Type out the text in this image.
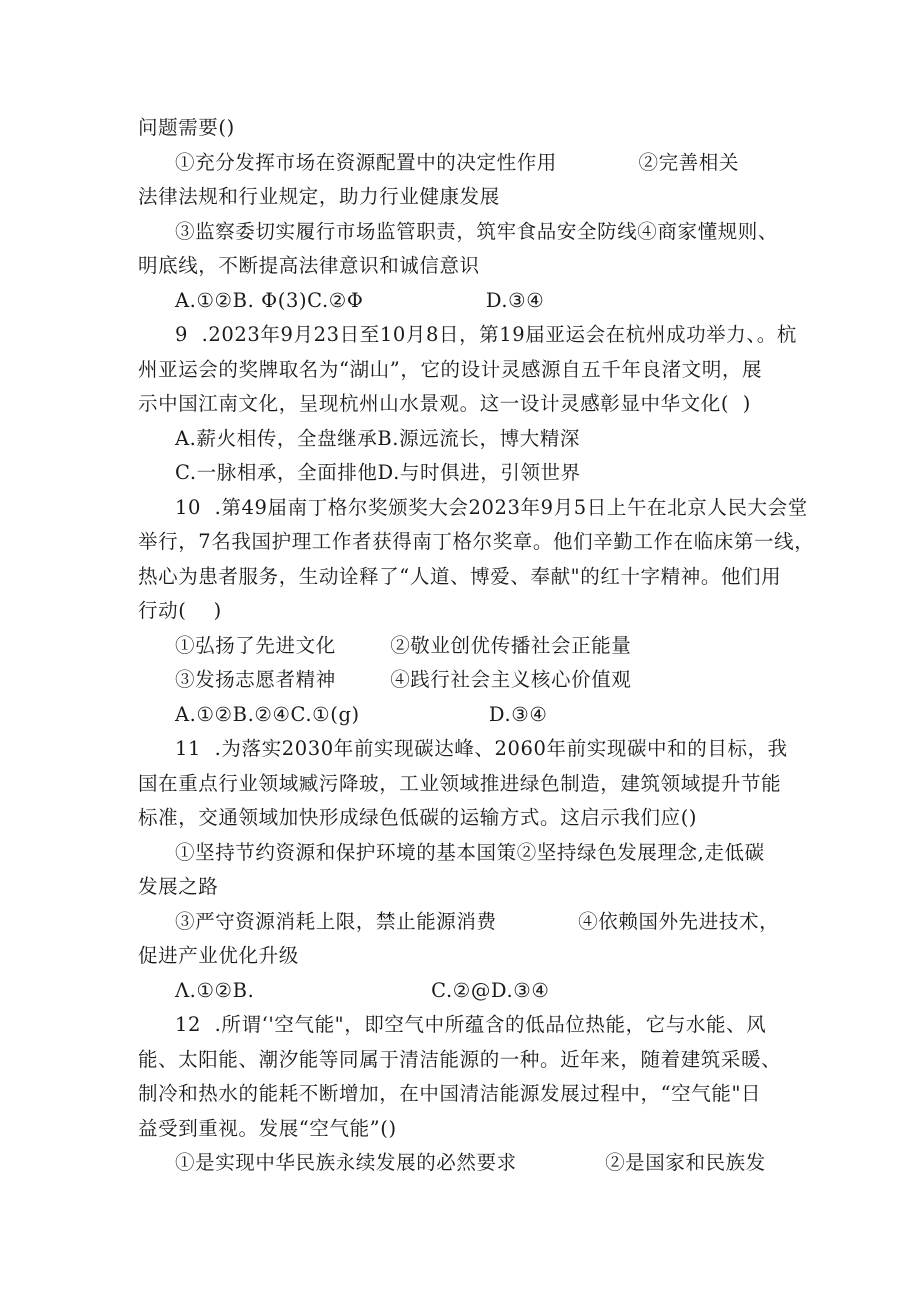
问题需要()
①充分发挥市场在资源配置中的决定性作用            ②完善相关
法律法规和行业规定，助力行业健康发展
③监察委切实履行市场监管职责，筑牢食品安全防线④商家懂规则、
明底线，不断提高法律意识和诚信意识
A.①②B. Φ(3)C.②Φ                  D.③④
9  .2023年9月23日至10月8日，第19届亚运会在杭州成功举力、。杭
州亚运会的奖牌取名为“湖山”，它的设计灵感源自五千年良渚文明，展
示中国江南文化，呈现杭州山水景观。这一设计灵感彰显中华文化(  )
A.薪火相传，全盘继承B.源远流长，博大精深
C.一脉相承，全面排他D.与时俱进，引领世界
10  .第49届南丁格尔奖颁奖大会2023年9月5日上午在北京人民大会堂
举行，7名我国护理工作者获得南丁格尔奖章。他们辛勤工作在临床第一线，
热心为患者服务，生动诠释了“人道、博爱、奉献"的红十字精神。他们用
行动(    )
①弘扬了先进文化        ②敬业创优传播社会正能量
③发扬志愿者精神        ④践行社会主义核心价值观
A.①②B.②④C.①(g)                   D.③④
11  .为落实2030年前实现碳达峰、2060年前实现碳中和的目标，我
国在重点行业领域臧污降玻，工业领域推进绿色制造，建筑领域提升节能
标准，交通领域加快形成绿色低碳的运输方式。这启示我们应()
①坚持节约资源和保护环境的基本国策②坚持绿色发展理念,走低碳
发展之路
③严守资源消耗上限，禁止能源消费            ④依赖国外先进技术，
促进产业优化升级
Λ.①②B.                          C.②@D.③④
12  .所谓‘'空气能"，即空气中所蕴含的低品位热能，它与水能、风
能、太阳能、潮汐能等同属于清洁能源的一种。近年来，随着建筑采暖、
制冷和热水的能耗不断增加，在中国清洁能源发展过程中，“空气能"日
益受到重视。发展“空气能”()
①是实现中华民族永续发展的必然要求             ②是国家和民族发
